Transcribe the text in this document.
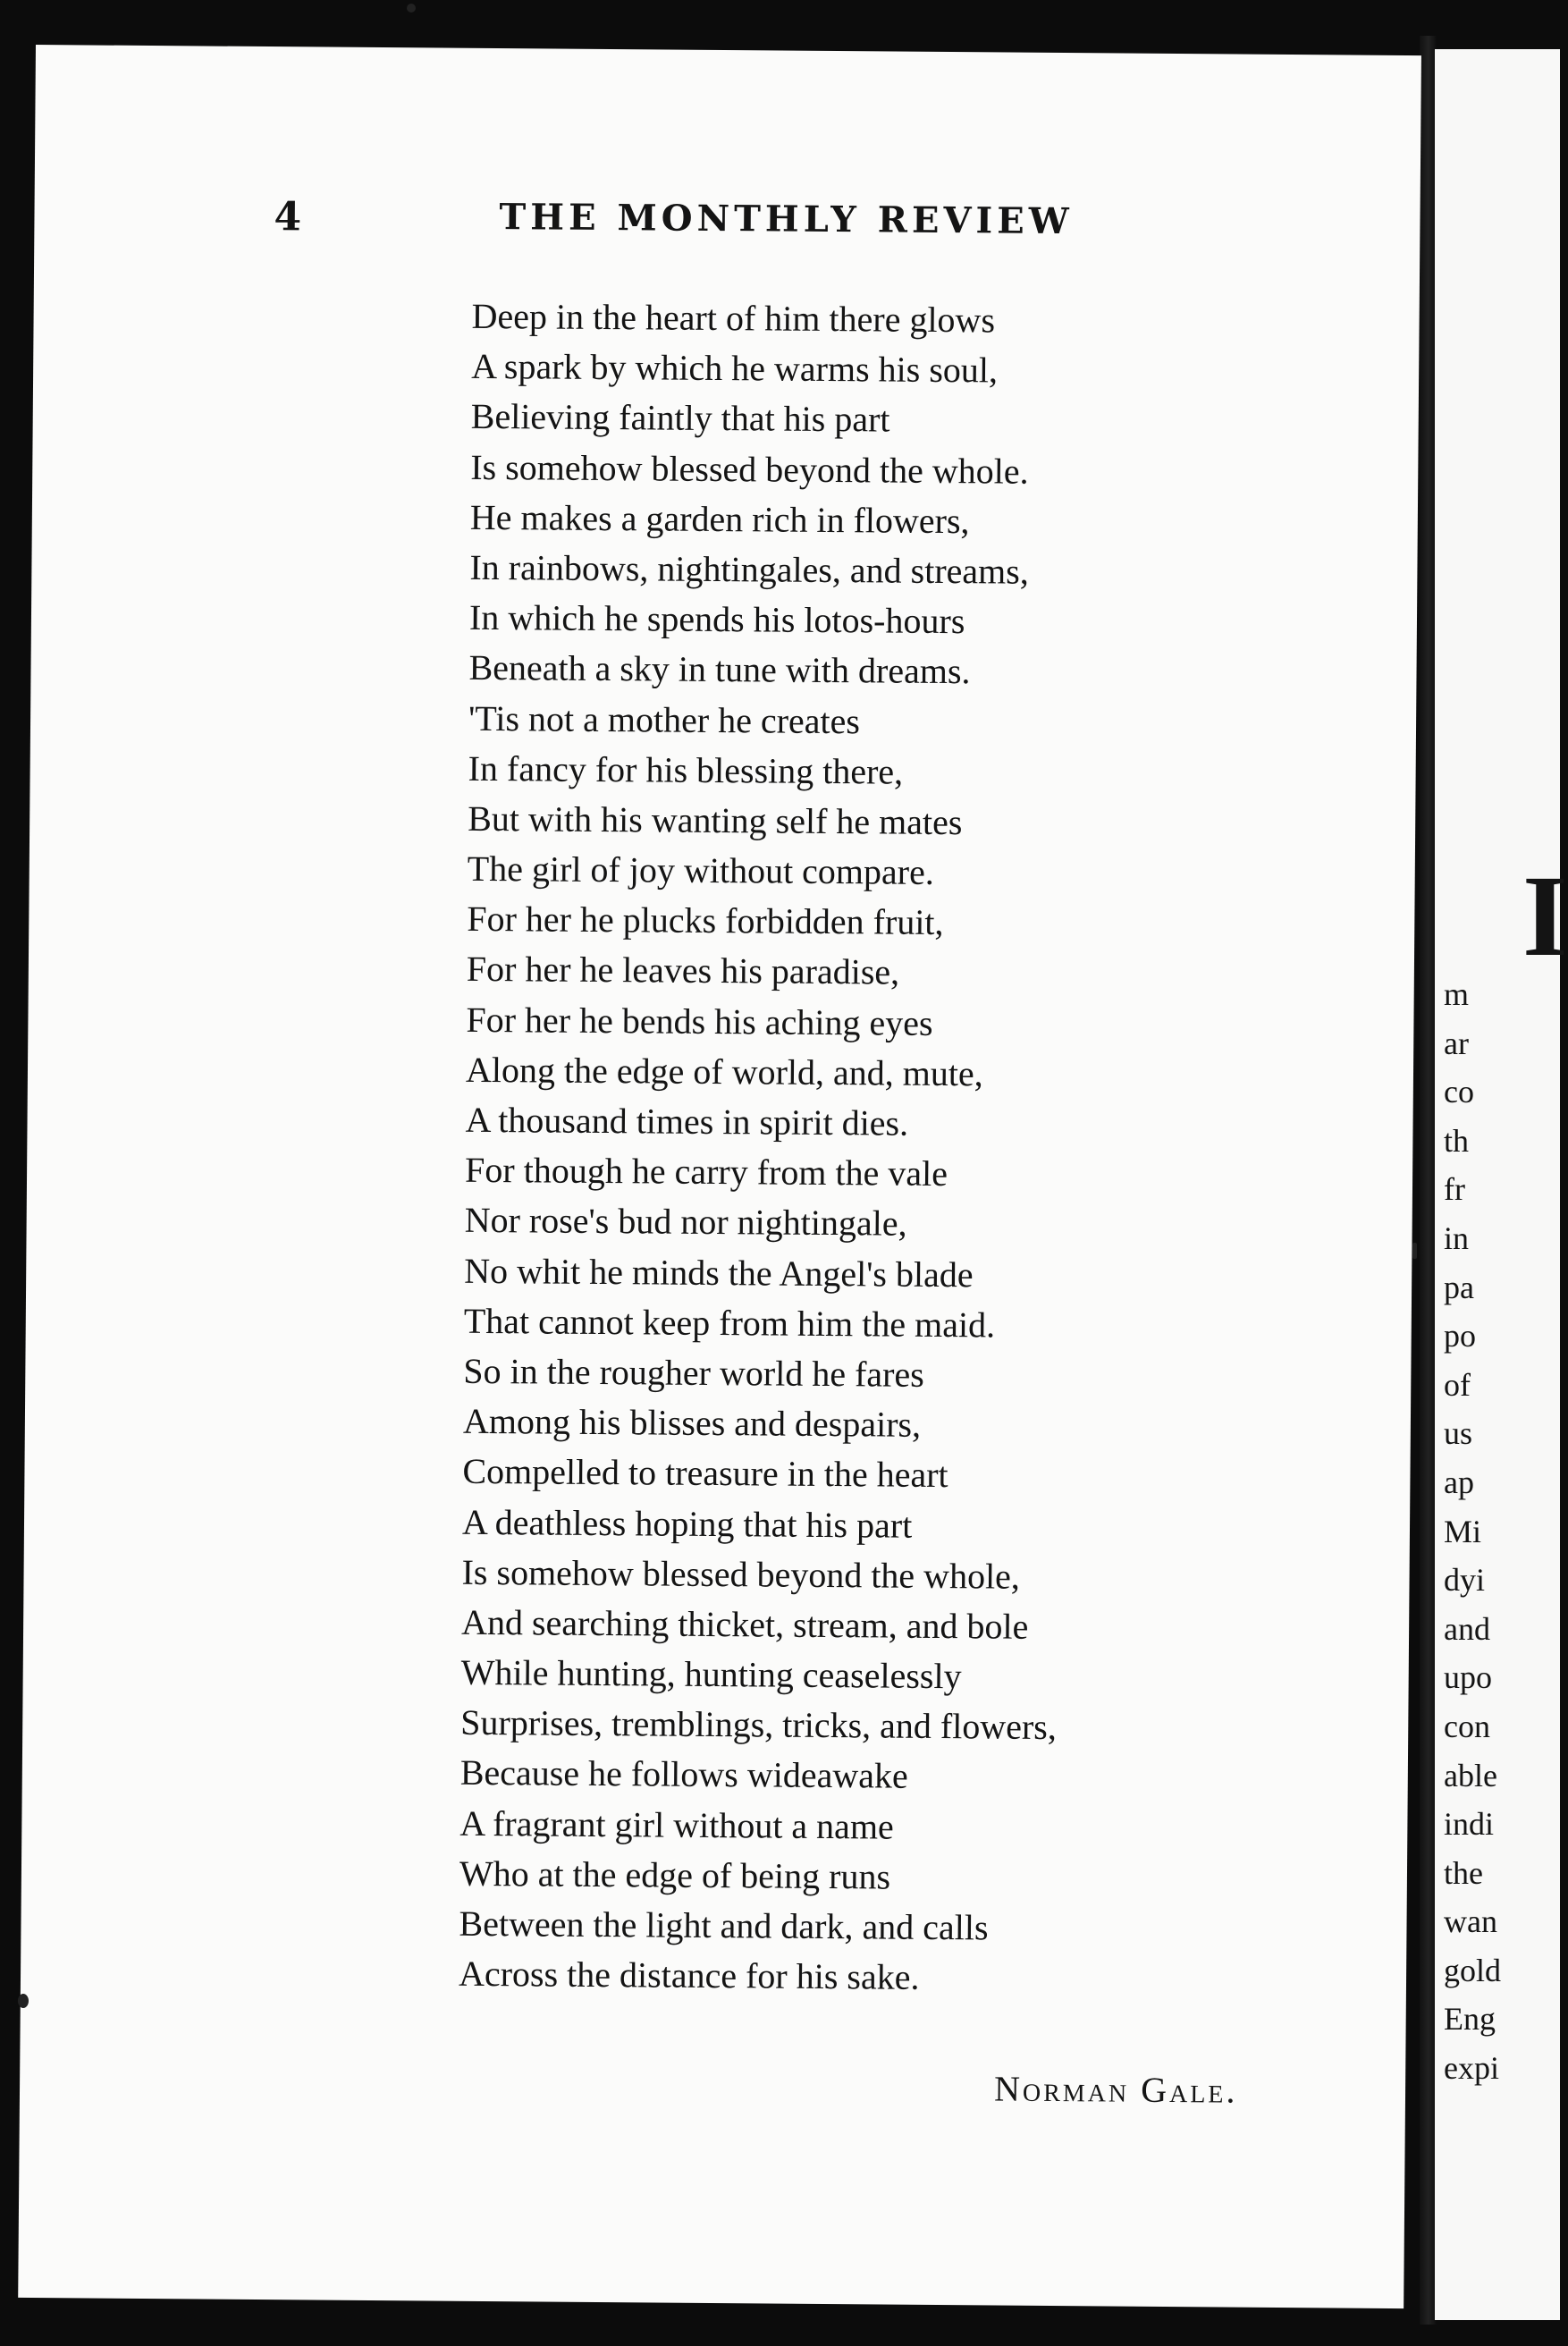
4	THE MONTHLY REVIEW
Deep in the heart of him there glows
A spark by which he warms his soul,
Believing faintly that his part
Is somehow blessed beyond the whole.
He makes a garden rich in flowers,
In rainbows, nightingales, and streams,
In which he spends his lotos-hours
Beneath a sky in tune with dreams.
'Tis not a mother he creates
In fancy for his blessing there,
But with his wanting self he mates
The girl of joy without compare.
For her he plucks forbidden fruit,
For her he leaves his paradise,
For her he bends his aching eyes
Along the edge of world, and, mute,
A thousand times in spirit dies.
For though he carry from the vale
Nor rose's bud nor nightingale,
No whit he minds the Angel's blade
That cannot keep from him the maid.
So in the rougher world he fares
Among his blisses and despairs,
Compelled to treasure in the heart
A deathless hoping that his part
Is somehow blessed beyond the whole,
And searching thicket, stream, and bole
While hunting, hunting ceaselessly
Surprises, tremblings, tricks, and flowers,
Because he follows wideawake
A fragrant girl without a name
Who at the edge of being runs
Between the light and dark, and calls
Across the distance for his sake.
Norman Gale.
I
m
ar
co
th
fr
in
pa
po
of
us
ap
Mi
dyi
and
upo
con
able
indi
the
wan
gold
Eng
expi
